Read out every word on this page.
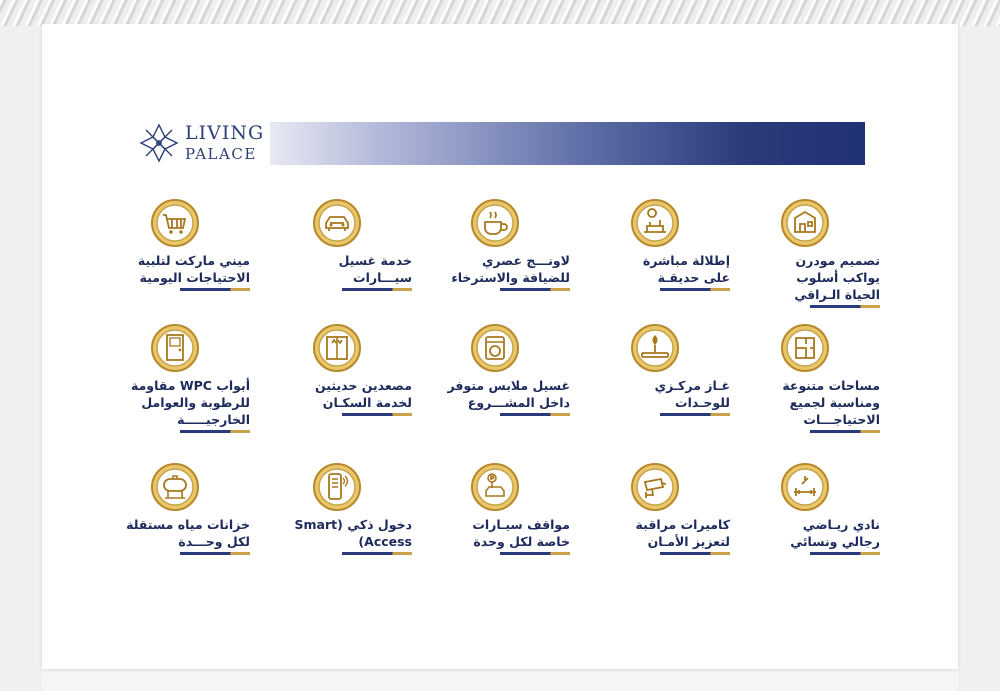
LIVING
PALACE
تصميم مودرن
يواكب أسلوب
الحياة الـراقي
إطلالة مباشرة
على حديقـة
لاونـــج عصري
للضيافة والاسترخاء
خدمة غسيل
سيـــارات
ميني ماركت لتلبية
الاحتياجات اليومية
مساحات متنوعة
ومناسبة لجميع
الاحتياجـــات
غـاز مركـزي
للوحـدات
غسيل ملابس متوفر
داخل المشـــروع
مصعدين حديثين
لخدمة السكـان
أبواب WPC مقاومة
للرطوبة والعوامل
الخارجيـــــة
نادي ريـاضي
رجالي ونسائي
كاميرات مراقبة
لتعزيز الأمـان
مواقف سيـارات
خاصة لكل وحدة
دخول ذكي (Smart
Access)
خزانات مياه مستقلة
لكل وحـــدة
